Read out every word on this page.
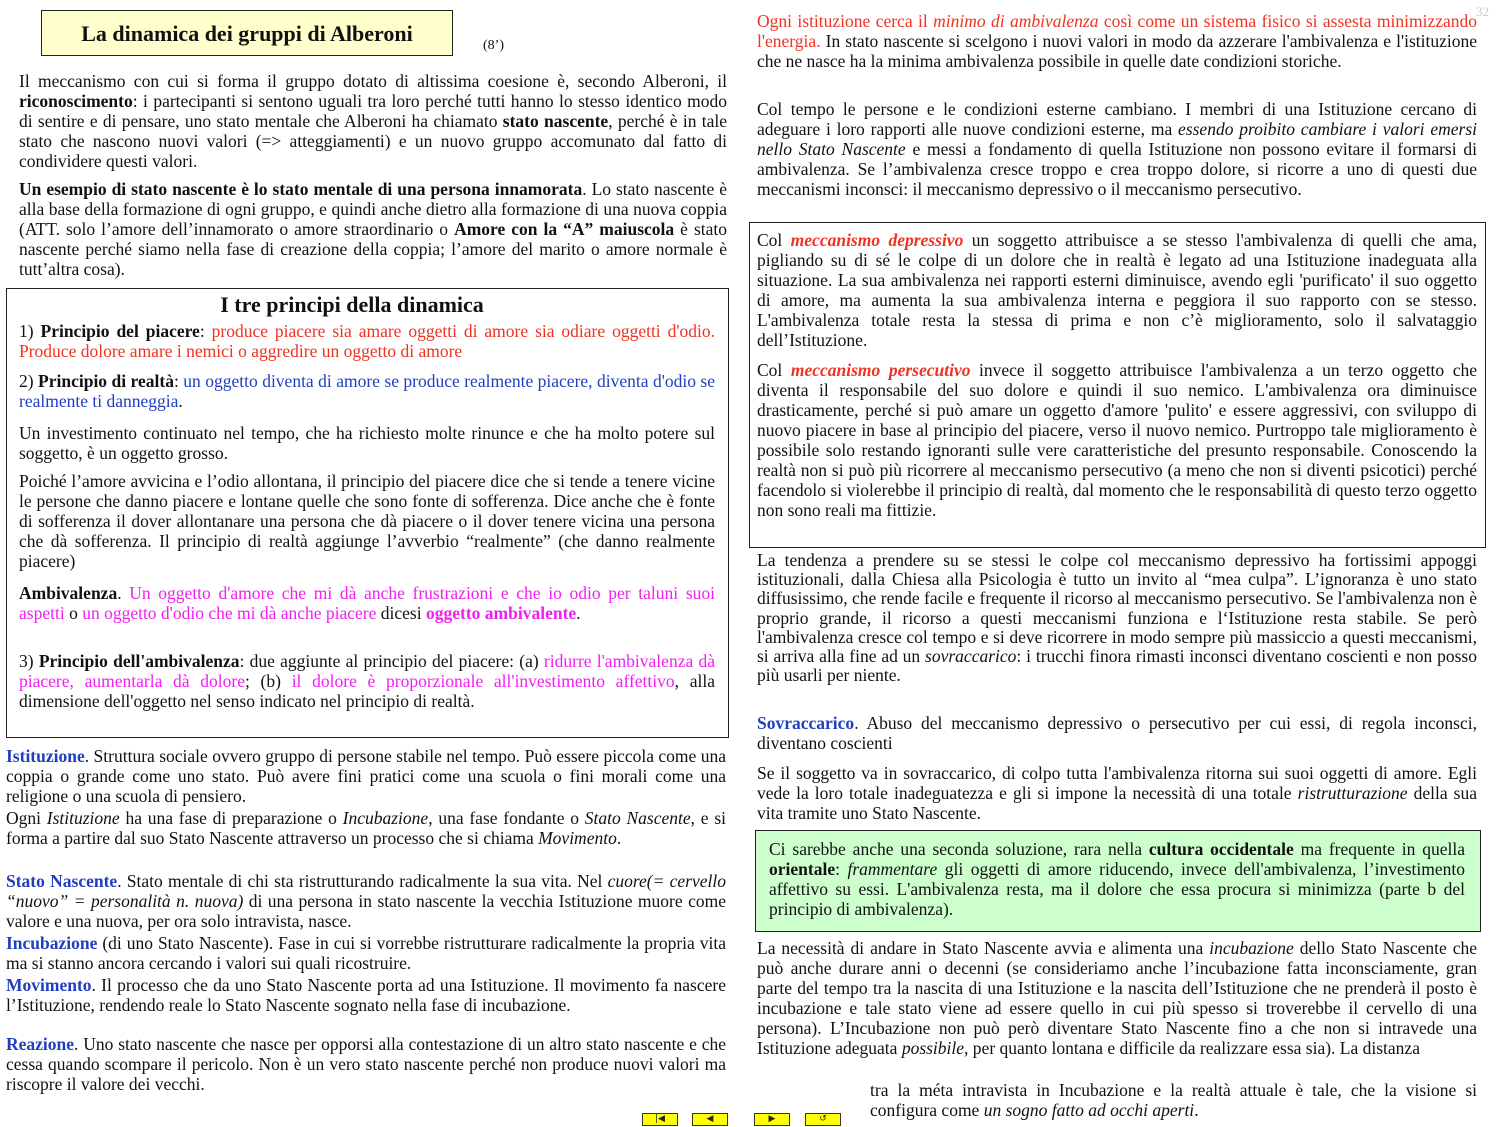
La dinamica dei gruppi di Alberoni	(8’)
32
Il meccanismo con cui si forma il gruppo dotato di altissima coesione è, secondo Alberoni, il riconoscimento: i partecipanti si sentono uguali tra loro perché tutti hanno lo stesso identico modo di sentire e di pensare, uno stato mentale che Alberoni ha chiamato stato nascente, perché è in tale stato che nascono nuovi valori (=> atteggiamenti) e un nuovo gruppo accomunato dal fatto di condividere questi valori.
Un esempio di stato nascente è lo stato mentale di una persona innamorata. Lo stato nascente è alla base della formazione di ogni gruppo, e quindi anche dietro alla formazione di una nuova coppia (ATT. solo l’amore dell’innamorato o amore straordinario o Amore con la “A” maiuscola è stato nascente perché siamo nella fase di creazione della coppia; l’amore del marito o amore normale è tutt’altra cosa).
I tre principi della dinamica
1) Principio del piacere: produce piacere sia amare oggetti di amore sia odiare oggetti d'odio. Produce dolore amare i nemici o aggredire un oggetto di amore
2) Principio di realtà: un oggetto diventa di amore se produce realmente piacere, diventa d'odio se realmente ti danneggia.
Un investimento continuato nel tempo, che ha richiesto molte rinunce e che ha molto potere sul soggetto, è un oggetto grosso.
Poiché l’amore avvicina e l’odio allontana, il principio del piacere dice che si tende a tenere vicine le persone che danno piacere e lontane quelle che sono fonte di sofferenza. Dice anche che è fonte di sofferenza il dover allontanare una persona che dà piacere o il dover tenere vicina una persona che dà sofferenza. Il principio di realtà aggiunge l’avverbio “realmente” (che danno realmente piacere)
Ambivalenza. Un oggetto d'amore che mi dà anche frustrazioni e che io odio per taluni suoi aspetti o un oggetto d'odio che mi dà anche piacere dicesi oggetto ambivalente.
3) Principio dell'ambivalenza: due aggiunte al principio del piacere: (a) ridurre l'ambivalenza dà piacere, aumentarla dà dolore; (b) il dolore è proporzionale all'investimento affettivo, alla dimensione dell'oggetto nel senso indicato nel principio di realtà.
Istituzione. Struttura sociale ovvero gruppo di persone stabile nel tempo. Può essere piccola come una coppia o grande come uno stato. Può avere fini pratici come una scuola o fini morali come una religione o una scuola di pensiero.
Ogni Istituzione ha una fase di preparazione o Incubazione, una fase fondante o Stato Nascente, e si forma a partire dal suo Stato Nascente attraverso un processo che si chiama Movimento.
Stato Nascente. Stato mentale di chi sta ristrutturando radicalmente la sua vita. Nel cuore(= cervello “nuovo” = personalità n. nuova) di una persona in stato nascente la vecchia Istituzione muore come valore e una nuova, per ora solo intravista, nasce.
Incubazione (di uno Stato Nascente). Fase in cui si vorrebbe ristrutturare radicalmente la propria vita ma si stanno ancora cercando i valori sui quali ricostruire.
Movimento. Il processo che da uno Stato Nascente porta ad una Istituzione. Il movimento fa nascere l’Istituzione, rendendo reale lo Stato Nascente sognato nella fase di incubazione.
Reazione. Uno stato nascente che nasce per opporsi alla contestazione di un altro stato nascente e che cessa quando scompare il pericolo. Non è un vero stato nascente perché non produce nuovi valori ma riscopre il valore dei vecchi.
Ogni istituzione cerca il minimo di ambivalenza così come un sistema fisico si assesta minimizzando l'energia. In stato nascente si scelgono i nuovi valori in modo da azzerare l'ambivalenza e l'istituzione che ne nasce ha la minima ambivalenza possibile in quelle date condizioni storiche.
Col tempo le persone e le condizioni esterne cambiano. I membri di una Istituzione cercano di adeguare i loro rapporti alle nuove condizioni esterne, ma essendo proibito cambiare i valori emersi nello Stato Nascente e messi a fondamento di quella Istituzione non possono evitare il formarsi di ambivalenza. Se l’ambivalenza cresce troppo e crea troppo dolore, si ricorre a uno di questi due meccanismi inconsci: il meccanismo depressivo o il meccanismo persecutivo.
Col meccanismo depressivo un soggetto attribuisce a se stesso l'ambivalenza di quelli che ama, pigliando su di sé le colpe di un dolore che in realtà è legato ad una Istituzione inadeguata alla situazione. La sua ambivalenza nei rapporti esterni diminuisce, avendo egli 'purificato' il suo oggetto di amore, ma aumenta la sua ambivalenza interna e peggiora il suo rapporto con se stesso. L'ambivalenza totale resta la stessa di prima e non c’è miglioramento, solo il salvataggio dell’Istituzione.
Col meccanismo persecutivo invece il soggetto attribuisce l'ambivalenza a un terzo oggetto che diventa il responsabile del suo dolore e quindi il suo nemico. L'ambivalenza ora diminuisce drasticamente, perché si può amare un oggetto d'amore 'pulito' e essere aggressivi, con sviluppo di nuovo piacere in base al principio del piacere, verso il nuovo nemico. Purtroppo tale miglioramento è possibile solo restando ignoranti sulle vere caratteristiche del presunto responsabile. Conoscendo la realtà non si può più ricorrere al meccanismo persecutivo (a meno che non si diventi psicotici) perché facendolo si violerebbe il principio di realtà, dal momento che le responsabilità di questo terzo oggetto non sono reali ma fittizie.
La tendenza a prendere su se stessi le colpe col meccanismo depressivo ha fortissimi appoggi istituzionali, dalla Chiesa alla Psicologia è tutto un invito al “mea culpa”. L’ignoranza è uno stato diffusissimo, che rende facile e frequente il ricorso al meccanismo persecutivo. Se l'ambivalenza non è proprio grande, il ricorso a questi meccanismi funziona e l‘Istituzione resta stabile. Se però l'ambivalenza cresce col tempo e si deve ricorrere in modo sempre più massiccio a questi meccanismi, si arriva alla fine ad un sovraccarico: i trucchi finora rimasti inconsci diventano coscienti e non posso più usarli per niente.
Sovraccarico. Abuso del meccanismo depressivo o persecutivo per cui essi, di regola inconsci, diventano coscienti
Se il soggetto va in sovraccarico, di colpo tutta l'ambivalenza ritorna sui suoi oggetti di amore. Egli vede la loro totale inadeguatezza e gli si impone la necessità di una totale ristrutturazione della sua vita tramite uno Stato Nascente.
Ci sarebbe anche una seconda soluzione, rara nella cultura occidentale ma frequente in quella orientale: frammentare gli oggetti di amore riducendo, invece dell'ambivalenza, l’investimento affettivo su essi. L'ambivalenza resta, ma il dolore che essa procura si minimizza (parte b del principio di ambivalenza).
La necessità di andare in Stato Nascente avvia e alimenta una incubazione dello Stato Nascente che può anche durare anni o decenni (se consideriamo anche l’incubazione fatta inconsciamente, gran parte del tempo tra la nascita di una Istituzione e la nascita dell’Istituzione che ne prenderà il posto è incubazione e tale stato viene ad essere quello in cui più spesso si troverebbe il cervello di una persona). L’Incubazione non può però diventare Stato Nascente fino a che non si intravede una Istituzione adeguata possibile, per quanto lontana e difficile da realizzare essa sia). La distanza
tra la méta intravista in Incubazione e la realtà attuale è tale, che la visione si configura come un sogno fatto ad occhi aperti.
|◀	◀	▶	↺
